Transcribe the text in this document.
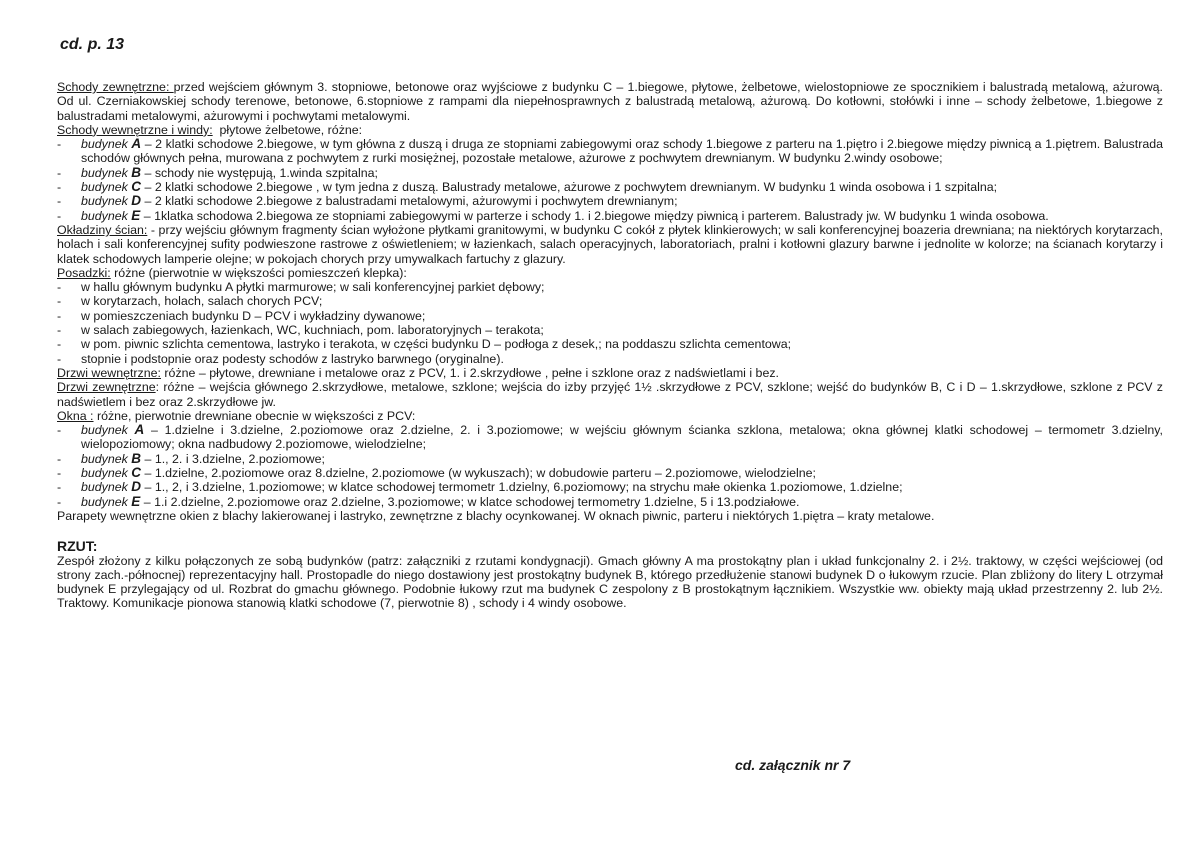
cd. p. 13

Schody zewnętrzne: przed wejściem głównym 3. stopniowe, betonowe oraz wyjściowe z budynku C – 1.biegowe, płytowe, żelbetowe, wielostopniowe ze spocznikiem i balustradą metalową, ażurową. Od ul. Czerniakowskiej schody terenowe, betonowe, 6.stopniowe z rampami dla niepełnosprawnych z balustradą metalową, ażurową. Do kotłowni, stołówki i inne – schody żelbetowe, 1.biegowe z balustradami metalowymi, ażurowymi i pochwytami metalowymi.

Schody wewnętrzne i windy:  płytowe żelbetowe, różne:

- budynek A – 2 klatki schodowe 2.biegowe, w tym główna z duszą i druga ze stopniami zabiegowymi oraz schody 1.biegowe z parteru na 1.piętro i 2.biegowe między piwnicą a 1.piętrem. Balustrada schodów głównych pełna, murowana z pochwytem z rurki mosiężnej, pozostałe metalowe, ażurowe z pochwytem drewnianym. W budynku 2.windy osobowe;
- budynek B – schody nie występują, 1.winda szpitalna;
- budynek C – 2 klatki schodowe 2.biegowe , w tym jedna z duszą. Balustrady metalowe, ażurowe z pochwytem drewnianym. W budynku 1 winda osobowa i 1 szpitalna;
- budynek D – 2 klatki schodowe 2.biegowe z balustradami metalowymi, ażurowymi i pochwytem drewnianym;
- budynek E – 1klatka schodowa 2.biegowa ze stopniami zabiegowymi w parterze i schody 1. i 2.biegowe między piwnicą i parterem. Balustrady jw. W budynku 1 winda osobowa.

Okładziny ścian: - przy wejściu głównym fragmenty ścian wyłożone płytkami granitowymi, w budynku C cokół z płytek klinkierowych; w sali konferencyjnej boazeria drewniana; na niektórych korytarzach, holach i sali konferencyjnej sufity podwieszone rastrowe z oświetleniem; w łazienkach, salach operacyjnych, laboratoriach, pralni i kotłowni glazury barwne i jednolite w kolorze; na ścianach korytarzy i klatek schodowych lamperie olejne; w pokojach chorych przy umywalkach fartuchy z glazury.

Posadzki: różne (pierwotnie w większości pomieszczeń klepka):

- w hallu głównym budynku A płytki marmurowe; w sali konferencyjnej parkiet dębowy;
- w korytarzach, holach, salach chorych PCV;
- w pomieszczeniach budynku D – PCV i wykładziny dywanowe;
- w salach zabiegowych, łazienkach, WC, kuchniach, pom. laboratoryjnych – terakota;
- w pom. piwnic szlichta cementowa, lastryko i terakota, w części budynku D – podłoga z desek,; na poddaszu szlichta cementowa;
- stopnie i podstopnie oraz podesty schodów z lastryko barwnego (oryginalne).

Drzwi wewnętrzne: różne – płytowe, drewniane i metalowe oraz z PCV, 1. i 2.skrzydłowe , pełne i szklone oraz z nadświetlami i bez.

Drzwi zewnętrzne: różne – wejścia głównego 2.skrzydłowe, metalowe, szklone; wejścia do izby przyjęć 1½ .skrzydłowe z PCV, szklone; wejść do budynków B, C i D – 1.skrzydłowe, szklone z PCV z nadświetlem i bez oraz 2.skrzydłowe jw.

Okna : różne, pierwotnie drewniane obecnie w większości z PCV:

- budynek A – 1.dzielne i 3.dzielne, 2.poziomowe oraz 2.dzielne, 2. i 3.poziomowe; w wejściu głównym ścianka szklona, metalowa; okna głównej klatki schodowej – termometr 3.dzielny, wielopoziomowy; okna nadbudowy 2.poziomowe, wielodzielne;
- budynek B – 1., 2. i 3.dzielne, 2.poziomowe;
- budynek C – 1.dzielne, 2.poziomowe oraz 8.dzielne, 2.poziomowe (w wykuszach); w dobudowie parteru – 2.poziomowe, wielodzielne;
- budynek D – 1., 2, i 3.dzielne, 1.poziomowe; w klatce schodowej termometr 1.dzielny, 6.poziomowy; na strychu małe okienka 1.poziomowe, 1.dzielne;
- budynek E – 1.i 2.dzielne, 2.poziomowe oraz 2.dzielne, 3.poziomowe; w klatce schodowej termometry 1.dzielne, 5 i 13.podziałowe.

Parapety wewnętrzne okien z blachy lakierowanej i lastryko, zewnętrzne z blachy ocynkowanej. W oknach piwnic, parteru i niektórych 1.piętra – kraty metalowe.

RZUT:

Zespół złożony z kilku połączonych ze sobą budynków (patrz: załączniki z rzutami kondygnacji). Gmach główny A ma prostokątny plan i układ funkcjonalny 2. i 2½. traktowy, w części wejściowej (od strony zach.-północnej) reprezentacyjny hall. Prostopadle do niego dostawiony jest prostokątny budynek B, którego przedłużenie stanowi budynek D o łukowym rzucie. Plan zbliżony do litery L otrzymał budynek E przylegający od ul. Rozbrat do gmachu głównego. Podobnie łukowy rzut ma budynek C zespolony z B prostokątnym łącznikiem. Wszystkie ww. obiekty mają układ przestrzenny 2. lub 2½. Traktowy. Komunikacje pionowa stanowią klatki schodowe (7, pierwotnie 8) , schody i 4 windy osobowe.

cd. załącznik nr 7
